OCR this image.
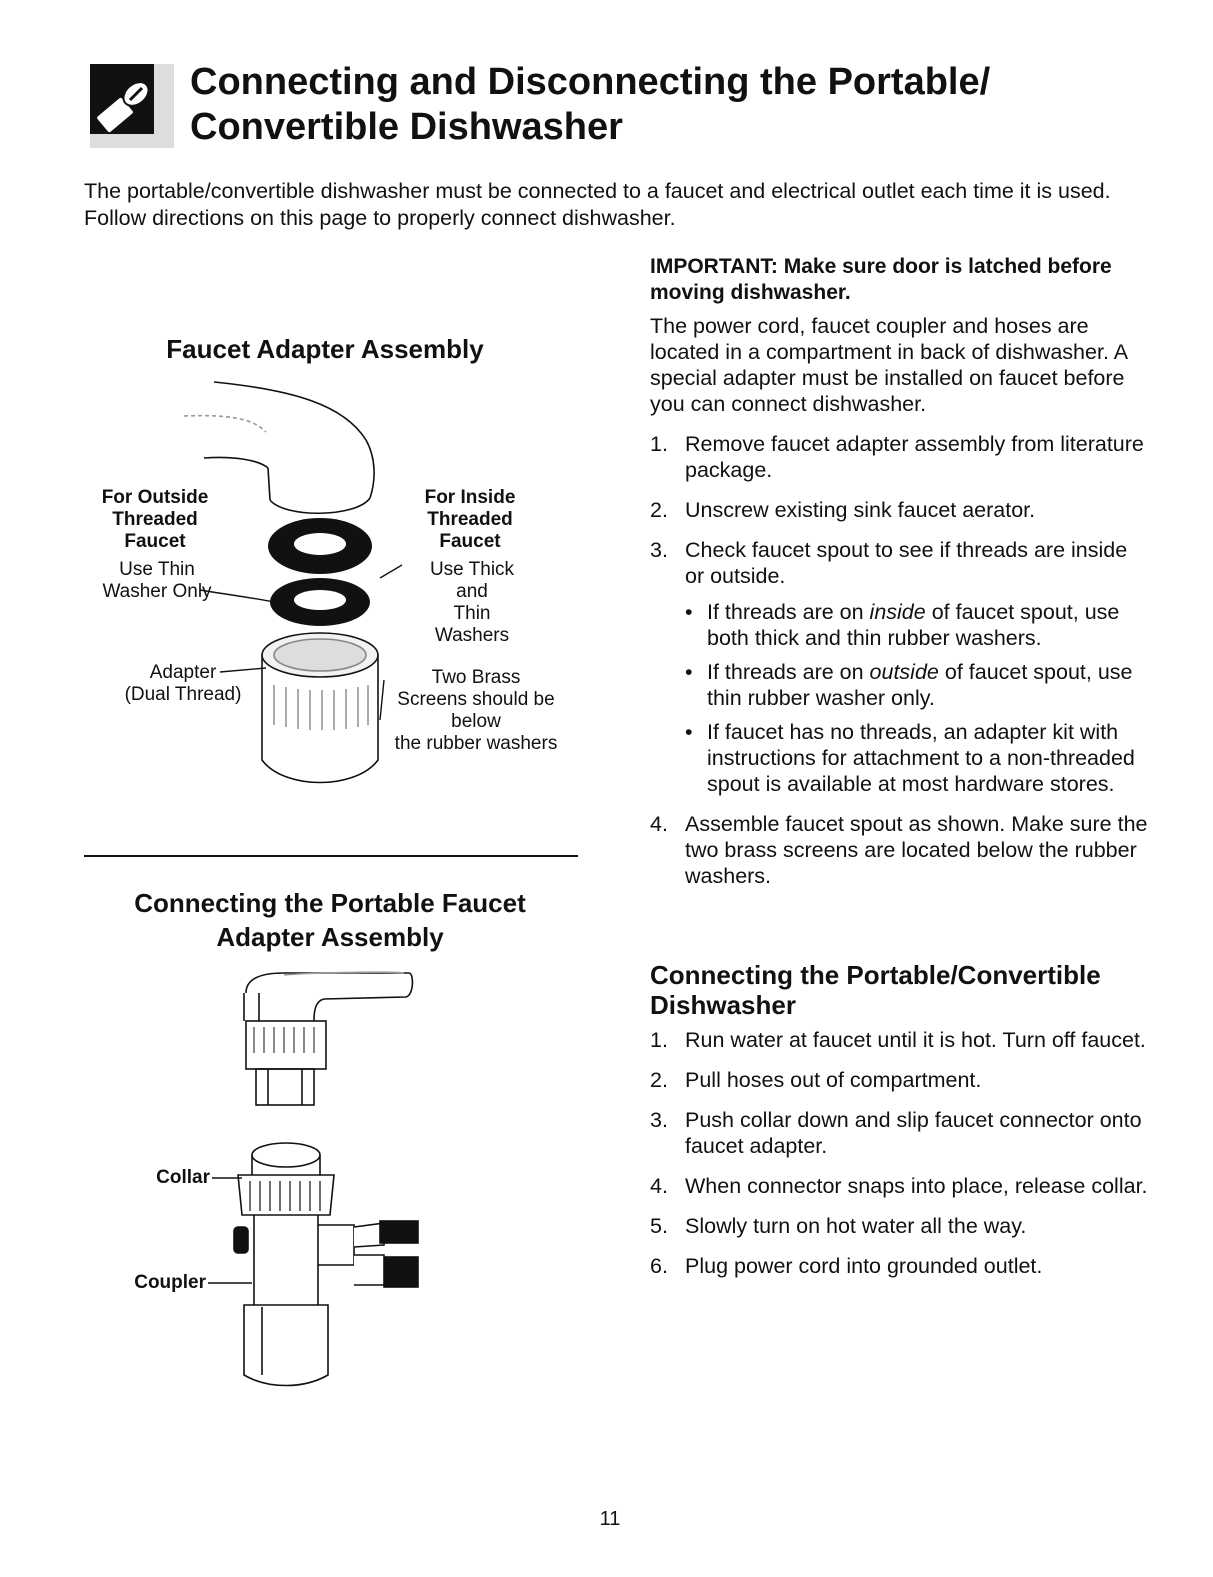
Connecting and Disconnecting the Portable/
Convertible Dishwasher

The portable/convertible dishwasher must be connected to a faucet and electrical outlet each time it is used. Follow directions on this page to properly connect dishwasher.

Faucet Adapter Assembly
For Outside
Threaded
Faucet
Use Thin
Washer Only
For Inside
Threaded
Faucet
Use Thick
and
Thin
Washers
Adapter
(Dual Thread)
Two Brass
Screens should be
below
the rubber washers
Connecting the Portable Faucet
Adapter Assembly
Collar
Coupler

IMPORTANT: Make sure door is latched before moving dishwasher.

The power cord, faucet coupler and hoses are located in a compartment in back of dishwasher. A special adapter must be installed on faucet before you can connect dishwasher.

1. Remove faucet adapter assembly from literature package.
2. Unscrew existing sink faucet aerator.
3. Check faucet spout to see if threads are inside or outside.
• If threads are on inside of faucet spout, use both thick and thin rubber washers.
• If threads are on outside of faucet spout, use thin rubber washer only.
• If faucet has no threads, an adapter kit with instructions for attachment to a non-threaded spout is available at most hardware stores.
4. Assemble faucet spout as shown. Make sure the two brass screens are located below the rubber washers.
Connecting the Portable/Convertible Dishwasher
1. Run water at faucet until it is hot. Turn off faucet.
2. Pull hoses out of compartment.
3. Push collar down and slip faucet connector onto faucet adapter.
4. When connector snaps into place, release collar.
5. Slowly turn on hot water all the way.
6. Plug power cord into grounded outlet.
11
